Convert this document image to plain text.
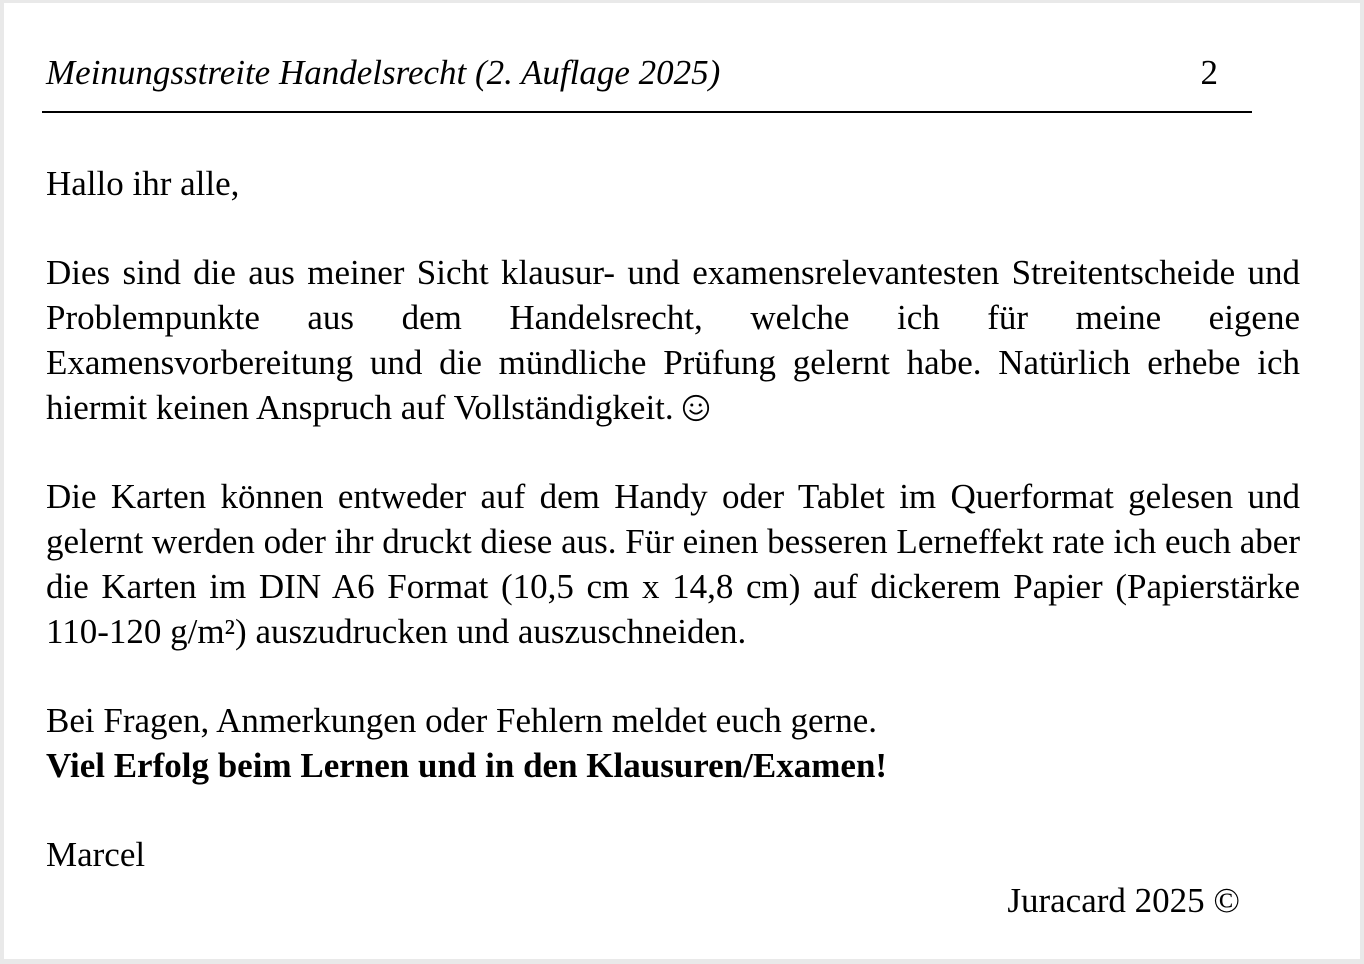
Meinungsstreite Handelsrecht (2. Auflage 2025)	2
Hallo ihr alle,
Dies sind die aus meiner Sicht klausur- und examensrelevantesten Streitentscheide und Problempunkte aus dem Handelsrecht, welche ich für meine eigene Examensvorbereitung und die mündliche Prüfung gelernt habe. Natürlich erhebe ich hiermit keinen Anspruch auf Vollständigkeit.
Die Karten können entweder auf dem Handy oder Tablet im Querformat gelesen und gelernt werden oder ihr druckt diese aus. Für einen besseren Lerneffekt rate ich euch aber die Karten im DIN A6 Format (10,5 cm x 14,8 cm) auf dickerem Papier (Papierstärke 110-120 g/m²) auszudrucken und auszuschneiden.
Bei Fragen, Anmerkungen oder Fehlern meldet euch gerne.
Viel Erfolg beim Lernen und in den Klausuren/Examen!
Marcel
Juracard 2025 ©
